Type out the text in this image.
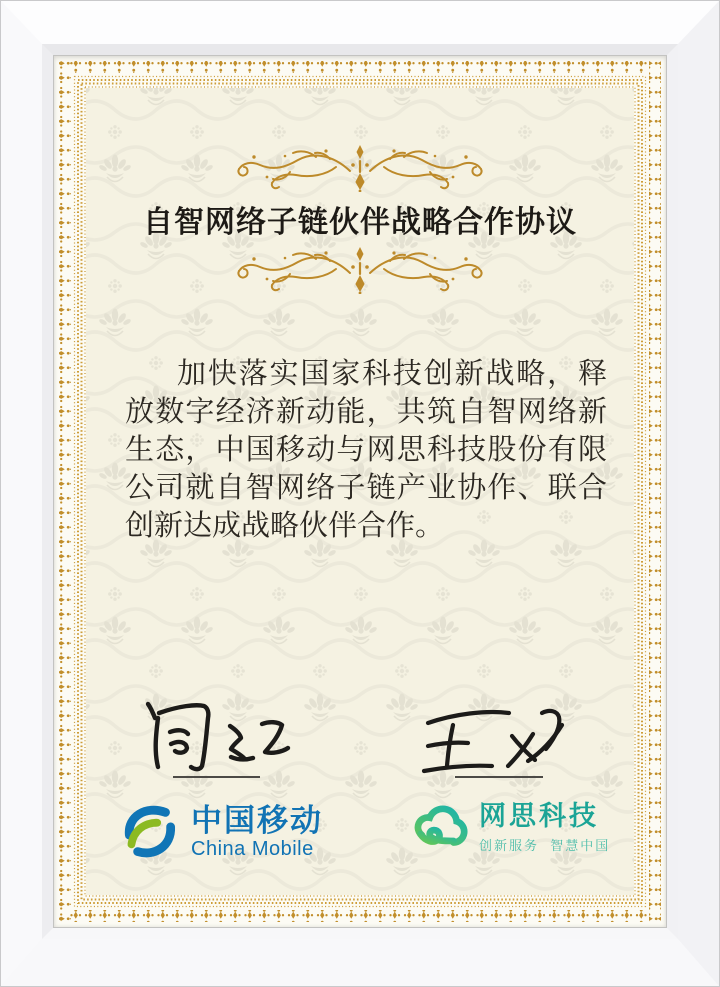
自智网络子链伙伴战略合作协议
加快落实国家科技创新战略，释
放数字经济新动能，共筑自智网络新
生态，中国移动与网思科技股份有限
公司就自智网络子链产业协作、联合
创新达成战略伙伴合作。
中国移动
China Mobile
网思科技
创新服务  智慧中国
